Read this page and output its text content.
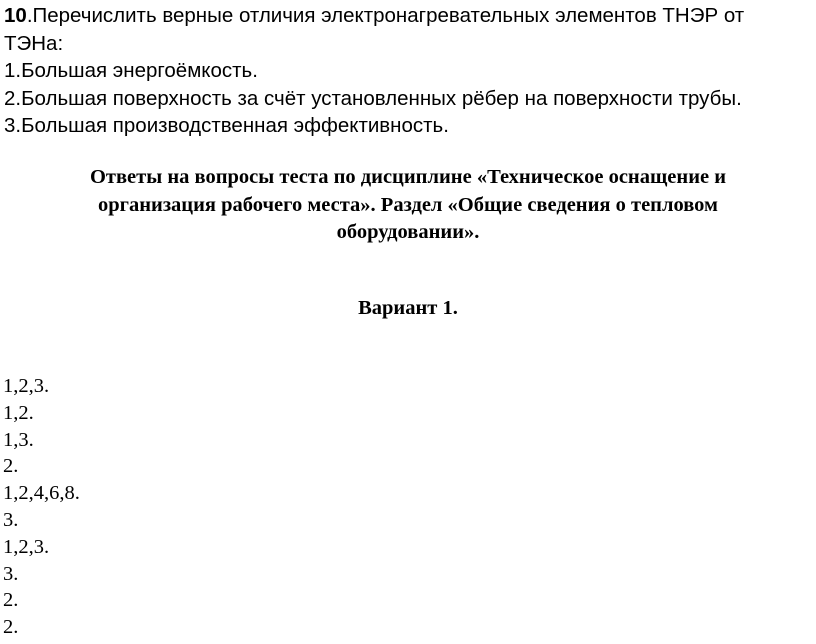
10.Перечислить верные отличия электронагревательных элементов ТНЭР от

ТЭНа:

1.Большая энергоёмкость.

2.Большая поверхность за счёт установленных рёбер на поверхности трубы.

3.Большая производственная эффективность.

Ответы на вопросы теста по дисциплине «Техническое оснащение и

организация рабочего места». Раздел «Общие сведения о тепловом

оборудовании».

Вариант 1.
1,2,3.
1,2.
1,3.
2.
1,2,4,6,8.
3.
1,2,3.
3.
2.
2.
